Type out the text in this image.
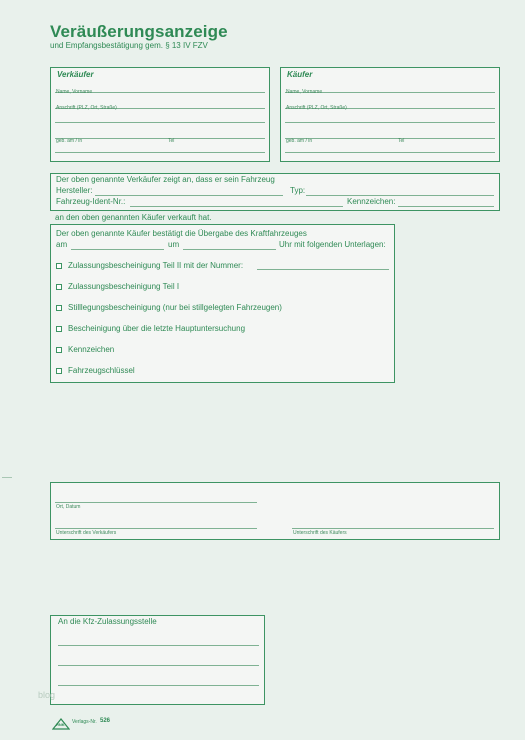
Veräußerungsanzeige
und Empfangsbestätigung gem. § 13 IV FZV
Verkäufer
Name, Vorname
Anschrift (PLZ, Ort, Straße)
geb. am / in	Tel
Käufer
Name, Vorname
Anschrift (PLZ, Ort, Straße)
geb. am / in	Tel
Der oben genannte Verkäufer zeigt an, dass er sein Fahrzeug
Hersteller:	Typ:
Fahrzeug-Ident-Nr.:	Kennzeichen:
an den oben genannten Käufer verkauft hat.
Der oben genannte Käufer bestätigt die Übergabe des Kraftfahrzeuges
am	um	Uhr mit folgenden Unterlagen:
Zulassungsbescheinigung Teil II mit der Nummer:
Zulassungsbescheinigung Teil I
Stilllegungsbescheinigung (nur bei stillgelegten Fahrzeugen)
Bescheinigung über die letzte Hauptuntersuchung
Kennzeichen
Fahrzeugschlüssel
Ort, Datum
Unterschrift des Verkäufers	Unterschrift des Käufers
An die Kfz-Zulassungsstelle
blog
RNK Verlags-Nr. 526
